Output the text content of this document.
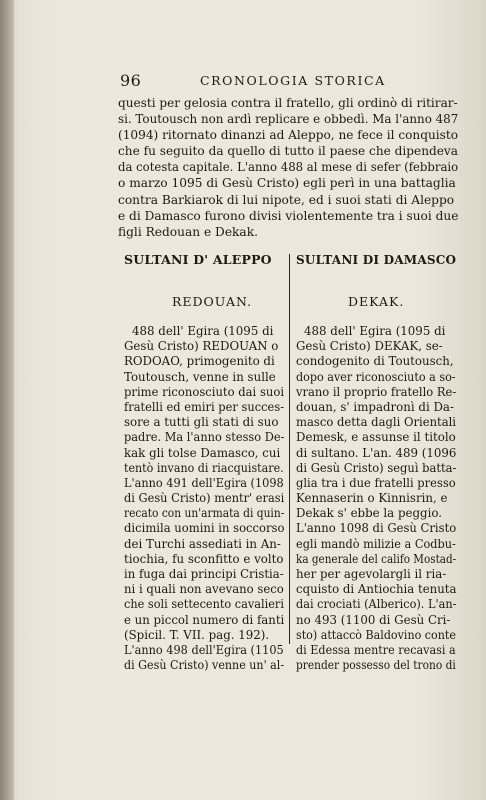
96	CRONOLOGIA STORICA
questi per gelosia contra il fratello, gli ordinò di ritirar-
si. Toutousch non ardì replicare e obbedì. Ma l'anno 487
(1094) ritornato dinanzi ad Aleppo, ne fece il conquisto
che fu seguito da quello di tutto il paese che dipendeva
da cotesta capitale. L'anno 488 al mese di sefer (febbraio
o marzo 1095 di Gesù Cristo) egli perì in una battaglia
contra Barkiarok di lui nipote, ed i suoi stati di Aleppo
e di Damasco furono divisi violentemente tra i suoi due
figli Redouan e Dekak.
SULTANI D' ALEPPO
REDOUAN.
488 dell' Egira (1095 di
Gesù Cristo) REDOUAN o
RODOAO, primogenito di
Toutousch, venne in sulle
prime riconosciuto dai suoi
fratelli ed emiri per succes-
sore a tutti gli stati di suo
padre. Ma l'anno stesso De-
kak gli tolse Damasco, cui
tentò invano di riacquistare.
L'anno 491 dell'Egira (1098
di Gesù Cristo) mentr' erasi
recato con un'armata di quin-
dicimila uomini in soccorso
dei Turchi assediati in An-
tiochia, fu sconfitto e volto
in fuga dai principi Cristia-
ni i quali non avevano seco
che soli settecento cavalieri
e un piccol numero di fanti
(Spicil. T. VII. pag. 192).
L'anno 498 dell'Egira (1105
di Gesù Cristo) venne un' al-
SULTANI DI DAMASCO
DEKAK.
488 dell' Egira (1095 di
Gesù Cristo) DEKAK, se-
condogenito di Toutousch,
dopo aver riconosciuto a so-
vrano il proprio fratello Re-
douan, s' impadronì di Da-
masco detta dagli Orientali
Demesk, e assunse il titolo
di sultano. L'an. 489 (1096
di Gesù Cristo) seguì batta-
glia tra i due fratelli presso
Kennaserin o Kinnisrin, e
Dekak s' ebbe la peggio.
L'anno 1098 di Gesù Cristo
egli mandò milizie a Codbu-
ka generale del califo Mostad-
her per agevolargli il ria-
cquisto di Antiochia tenuta
dai crociati (Alberico). L'an-
no 493 (1100 di Gesù Cri-
sto) attaccò Baldovino conte
di Edessa mentre recavasi a
prender possesso del trono di
